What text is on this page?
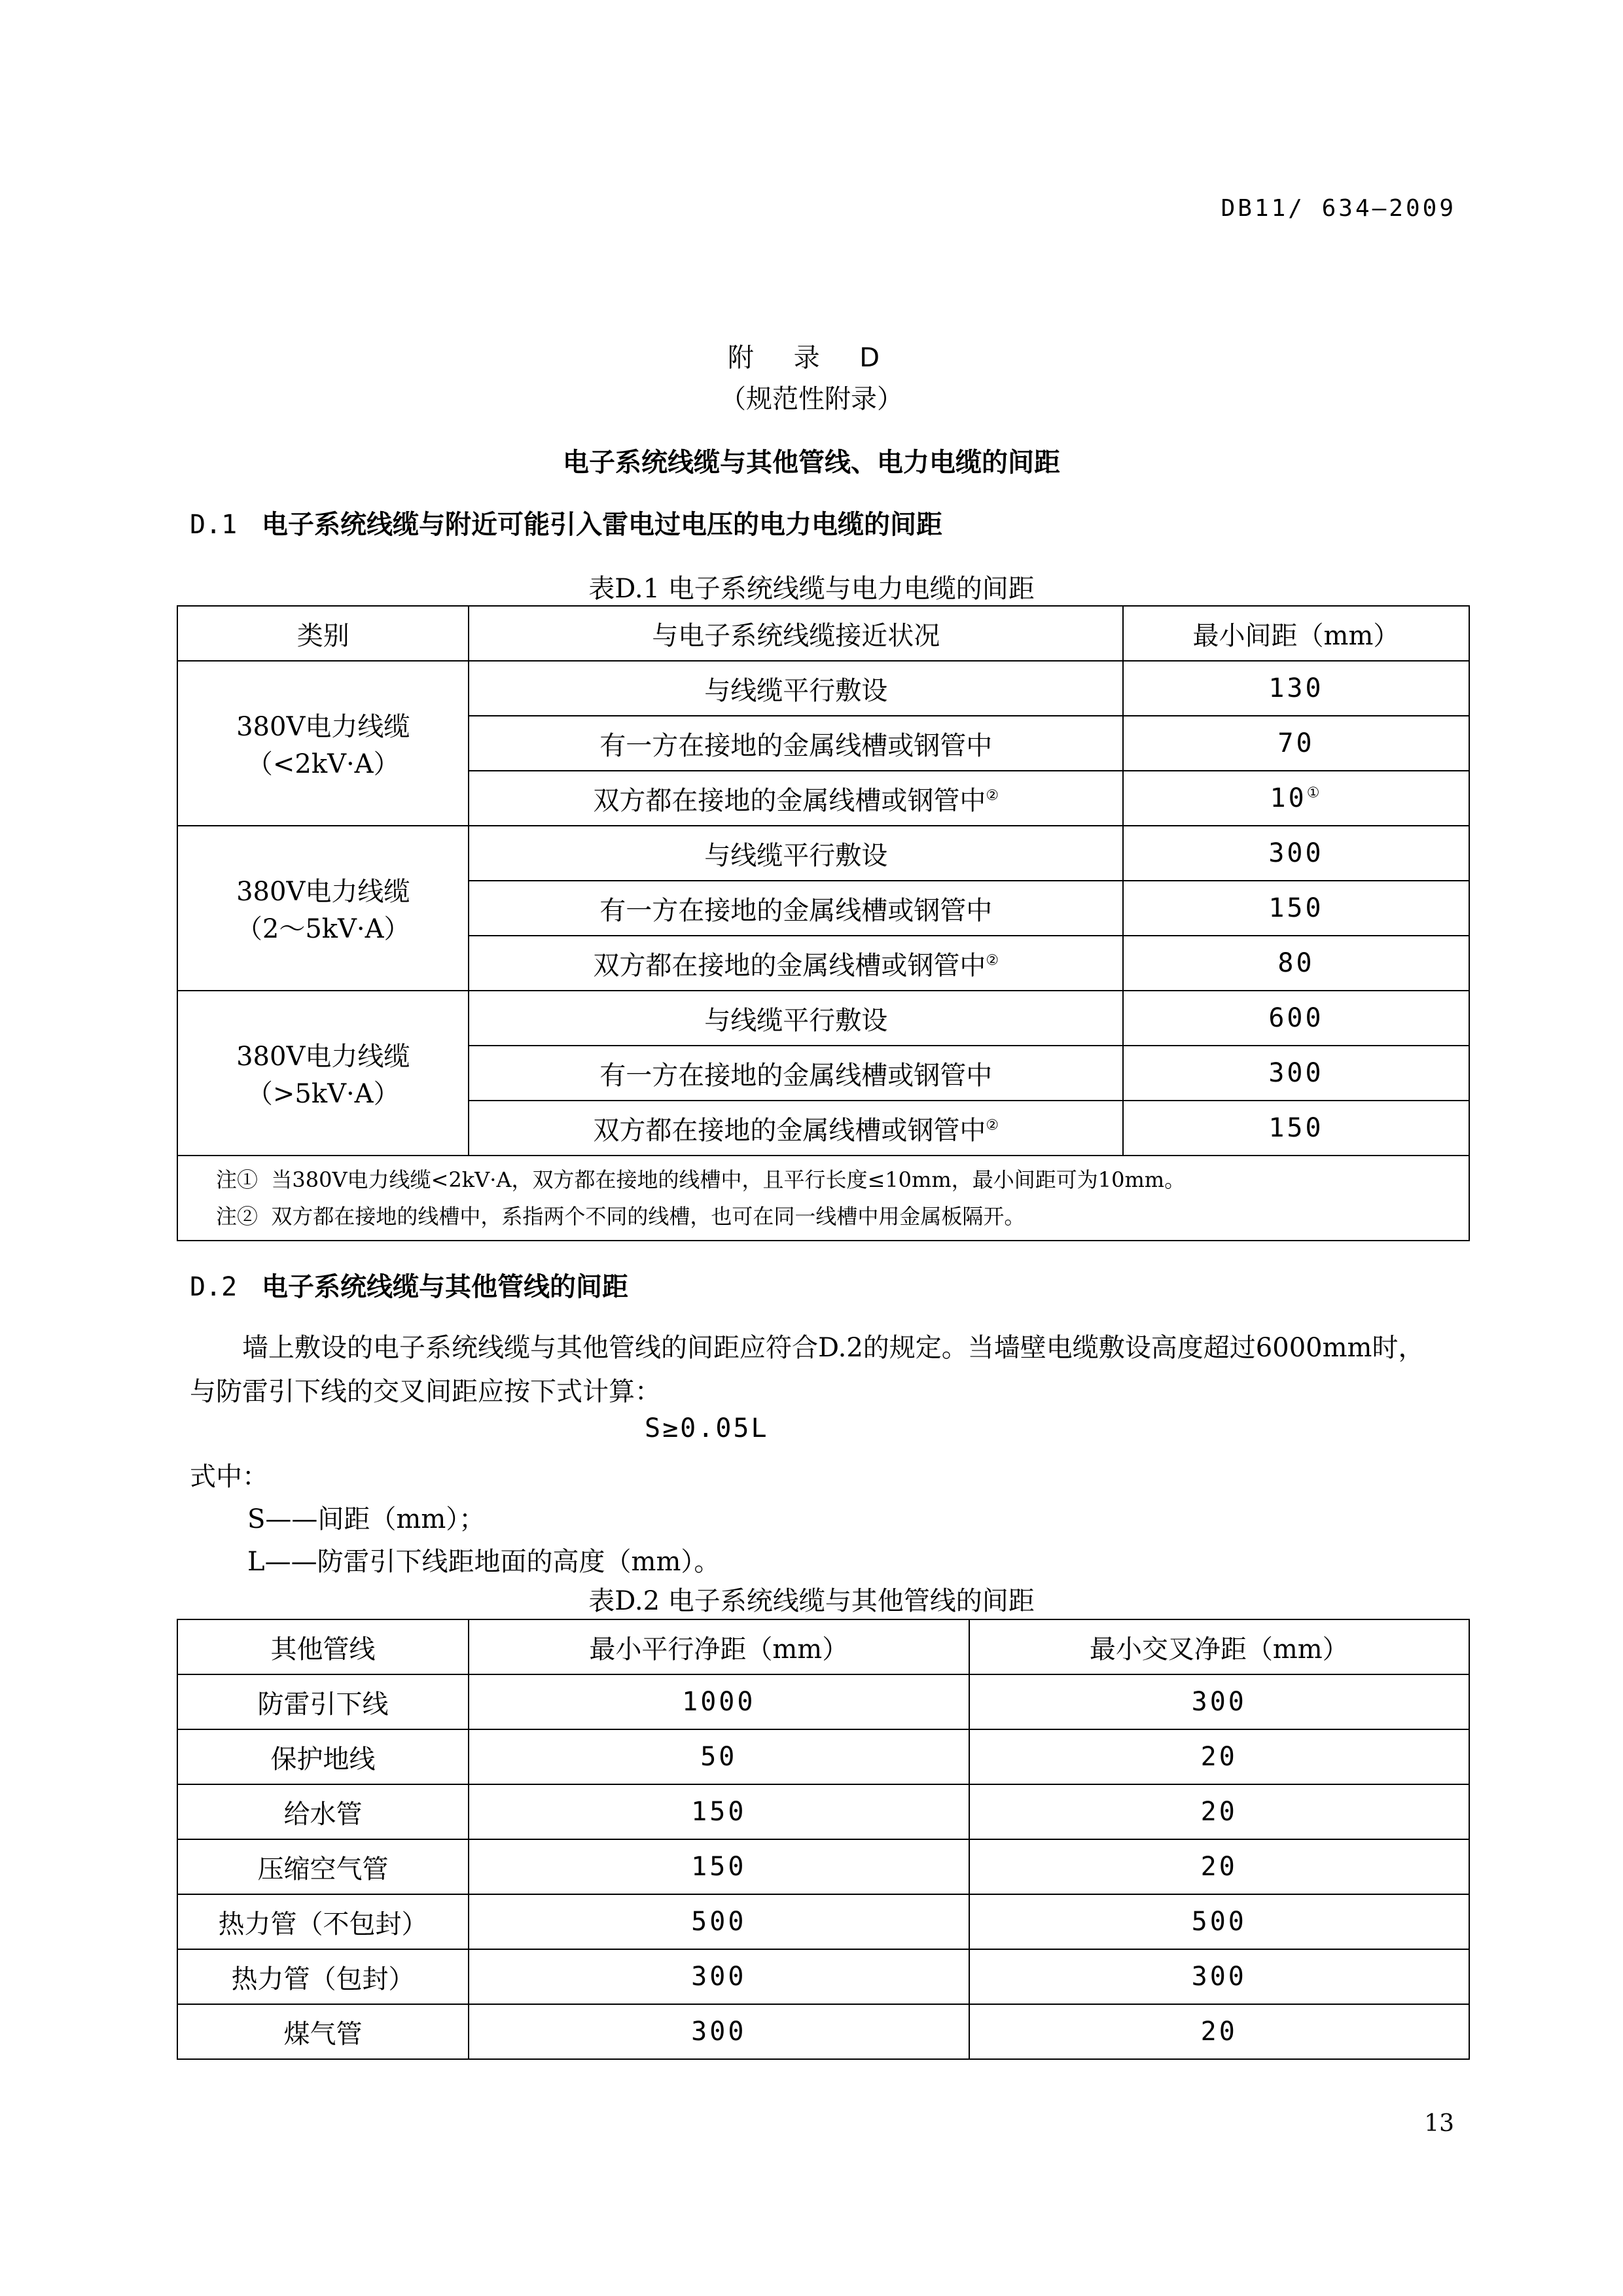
DB11/ 634—2009
附 录 D
（规范性附录）
电子系统线缆与其他管线、电力电缆的间距
D.1 电子系统线缆与附近可能引入雷电过电压的电力电缆的间距
表D.1 电子系统线缆与电力电缆的间距
类别	与电子系统线缆接近状况	最小间距（mm）

380V电力线缆
（<2kV·A）	与线缆平行敷设	130
	有一方在接地的金属线槽或钢管中	70
	双方都在接地的金属线槽或钢管中②	10①

380V电力线缆
（2～5kV·A）	与线缆平行敷设	300
	有一方在接地的金属线槽或钢管中	150
	双方都在接地的金属线槽或钢管中②	80

380V电力线缆
（>5kV·A）	与线缆平行敷设	600
	有一方在接地的金属线槽或钢管中	300
	双方都在接地的金属线槽或钢管中②	150

注① 当380V电力线缆<2kV·A，双方都在接地的线槽中，且平行长度≤10mm，最小间距可为10mm。
注② 双方都在接地的线槽中，系指两个不同的线槽，也可在同一线槽中用金属板隔开。		
D.2 电子系统线缆与其他管线的间距
墙上敷设的电子系统线缆与其他管线的间距应符合D.2的规定。当墙壁电缆敷设高度超过6000mm时，
与防雷引下线的交叉间距应按下式计算：
S≥0.05L
式中：
S——间距（mm）；
L——防雷引下线距地面的高度（mm）。
表D.2 电子系统线缆与其他管线的间距
其他管线	最小平行净距（mm）	最小交叉净距（mm）
防雷引下线	1000	300
保护地线	50	20
给水管	150	20
压缩空气管	150	20
热力管（不包封）	500	500
热力管（包封）	300	300
煤气管	300	20
13
